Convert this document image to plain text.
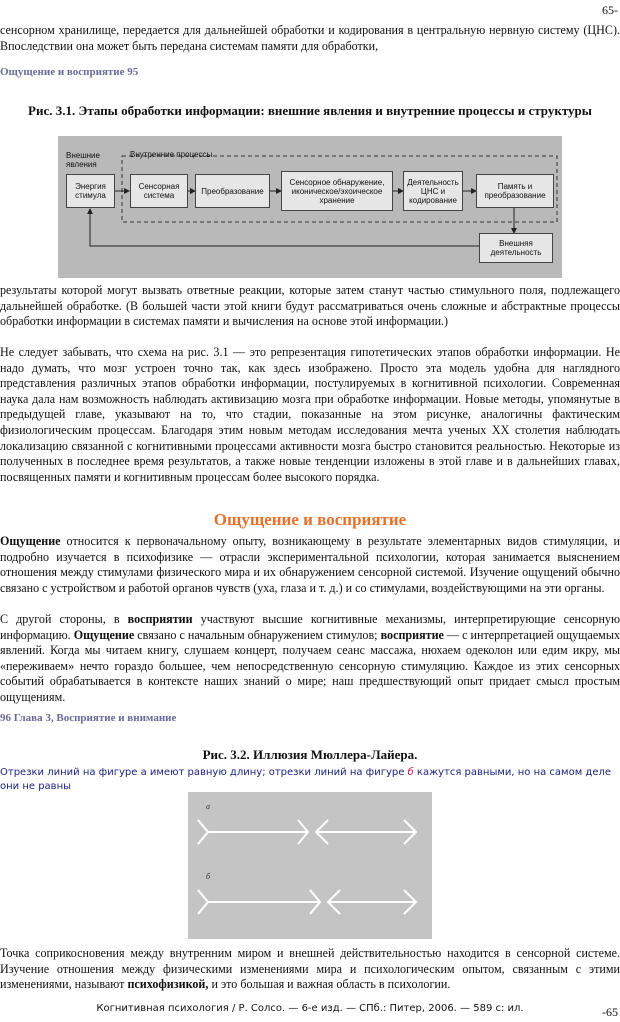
65-

сенсорном хранилище, передается для дальнейшей обработки и кодирования в центральную нервную систему (ЦНС). Впоследствии она может быть передана системам памяти для обработки,

Ощущение и восприятие 95

Рис. 3.1. Этапы обработки информации: внешние явления и внутренние процессы и структуры

Внешние явления
Внутренние процессы
Энергия стимула
Сенсорная система	Преобразование
Сенсорное обнаружение, иконическое/эхоическое хранение
Деятельность ЦНС и кодирование
Память и преобразование
Внешняя деятельность

результаты которой могут вызвать ответные реакции, которые затем станут частью стимульного поля, подлежащего дальнейшей обработке. (В большей части этой книги будут рассматриваться очень сложные и абстрактные процессы обработки информации в системах памяти и вычисления на основе этой информации.)

Не следует забывать, что схема на рис. 3.1 — это репрезентация гипотетических этапов обработки информации. Не надо думать, что мозг устроен точно так, как здесь изображено. Просто эта модель удобна для наглядного представления различных этапов обработки информации, постулируемых в когнитивной психологии. Современная наука дала нам возможность наблюдать активизацию мозга при обработке информации. Новые методы, упомянутые в предыдущей главе, указывают на то, что стадии, показанные на этом рисунке, аналогичны фактическим физиологическим процессам. Благодаря этим новым методам исследования мечта ученых XX столетия наблюдать локализацию связанной с когнитивными процессами активности мозга быстро становится реальностью. Некоторые из полученных в последнее время результатов, а также новые тенденции изложены в этой главе и в дальнейших главах, посвященных памяти и когнитивным процессам более высокого порядка.

Ощущение и восприятие

Ощущение относится к первоначальному опыту, возникающему в результате элементарных видов стимуляции, и подробно изучается в психофизике — отрасли экспериментальной психологии, которая занимается выяснением отношения между стимулами физического мира и их обнаружением сенсорной системой. Изучение ощущений обычно связано с устройством и работой органов чувств (уха, глаза и т. д.) и со стимулами, воздействующими на эти органы.

С другой стороны, в восприятии участвуют высшие когнитивные механизмы, интерпретирующие сенсорную информацию. Ощущение связано с начальным обнаружением стимулов; восприятие — с интерпретацией ощущаемых явлений. Когда мы читаем книгу, слушаем концерт, получаем сеанс массажа, нюхаем одеколон или едим икру, мы «переживаем» нечто гораздо большее, чем непосредственную сенсорную стимуляцию. Каждое из этих сенсорных событий обрабатывается в контексте наших знаний о мире; наш предшествующий опыт придает смысл простым ощущениям.

96 Глава 3, Восприятие и внимание

Рис. 3.2. Иллюзия Мюллера-Лайера.

Отрезки линий на фигуре а имеют равную длину; отрезки линий на фигуре б кажутся равными, но на самом деле они не равны

а
б

Точка соприкосновения между внутренним миром и внешней действительностью находится в сенсорной системе. Изучение отношения между физическими изменениями мира и психологическим опытом, связанным с этими изменениями, называют психофизикой, и это большая и важная область в психологии.

Когнитивная психология / Р. Солсо. — 6-е изд. — СПб.: Питер, 2006. — 589 с: ил.	-65
